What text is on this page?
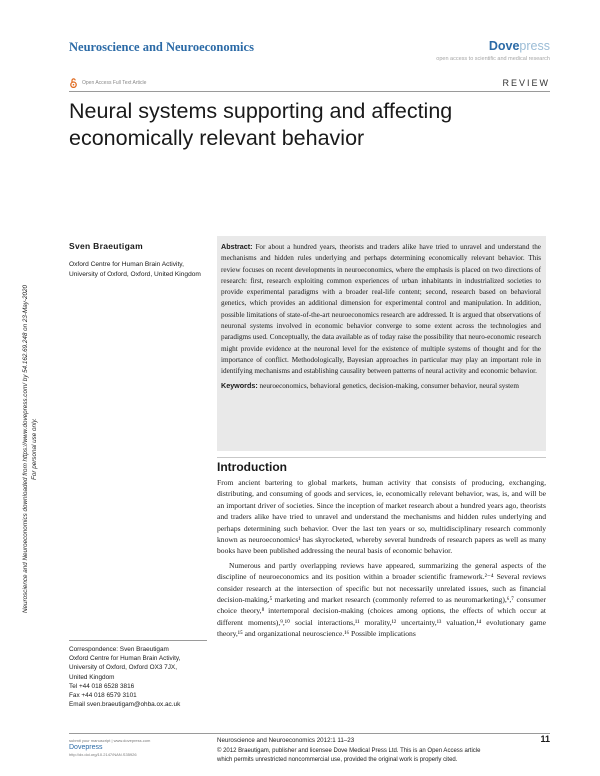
Neuroscience and Neuroeconomics	Dovepress
open access to scientific and medical research
Open Access Full Text Article	REVIEW
Neural systems supporting and affecting
economically relevant behavior
Neuroscience and Neuroeconomics downloaded from https://www.dovepress.com/ by 54.162.69.248 on 23-May-2020 For personal use only.
Sven Braeutigam
Oxford Centre for Human Brain Activity, University of Oxford, Oxford, United Kingdom

Abstract: For about a hundred years, theorists and traders alike have tried to unravel and understand the mechanisms and hidden rules underlying and perhaps determining economically relevant behavior. This review focuses on recent developments in neuroeconomics, where the emphasis is placed on two directions of research: first, research exploiting common experiences of urban inhabitants in industrialized societies to provide experimental paradigms with a broader real-life content; second, research based on behavioral genetics, which provides an additional dimension for experimental control and manipulation. In addition, possible limitations of state-of-the-art neuroeconomics research are addressed. It is argued that observations of neuronal systems involved in economic behavior converge to some extent across the technologies and paradigms used. Conceptually, the data available as of today raise the possibility that neuro-economic research might provide evidence at the neuronal level for the existence of multiple systems of thought and for the importance of conflict. Methodologically, Bayesian approaches in particular may play an important role in identifying mechanisms and establishing causality between patterns of neural activity and economic behavior.

Keywords: neuroeconomics, behavioral genetics, decision-making, consumer behavior, neural system

Introduction

From ancient bartering to global markets, human activity that consists of producing, exchanging, distributing, and consuming of goods and services, ie, economically relevant behavior, was, is, and will be an important driver of societies. Since the inception of market research about a hundred years ago, theorists and traders alike have tried to unravel and understand the mechanisms and hidden rules underlying and perhaps determining such behavior. Over the last ten years or so, multidisciplinary research commonly known as neuroeconomics¹ has skyrocketed, whereby several hundreds of research papers as well as many books have been published addressing the neural basis of economic behavior.

Numerous and partly overlapping reviews have appeared, summarizing the general aspects of the discipline of neuroeconomics and its position within a broader scientific framework.²⁻⁴ Several reviews consider research at the intersection of specific but not necessarily unrelated issues, such as financial decision-making,⁵ marketing and market research (commonly referred to as neuromarketing),⁶,⁷ consumer choice theory,⁸ intertemporal decision-making (choices among options, the effects of which occur at different moments),⁹,¹⁰ social interactions,¹¹ morality,¹² uncertainty,¹³ valuation,¹⁴ evolutionary game theory,¹⁵ and organizational neuroscience.¹⁶ Possible implications

Correspondence: Sven Braeutigam
Oxford Centre for Human Brain Activity,
University of Oxford, Oxford OX3 7JX,
United Kingdom
Tel +44 018 6528 3816
Fax +44 018 6579 3101
Email sven.braeutigam@ohba.ox.ac.uk
submit your manuscript | www.dovepress.com
Dovepress
http://dx.doi.org/10.2147/NAN.S35926
Neuroscience and Neuroeconomics 2012:1 11–23	11
© 2012 Braeutigam, publisher and licensee Dove Medical Press Ltd. This is an Open Access article
which permits unrestricted noncommercial use, provided the original work is properly cited.
